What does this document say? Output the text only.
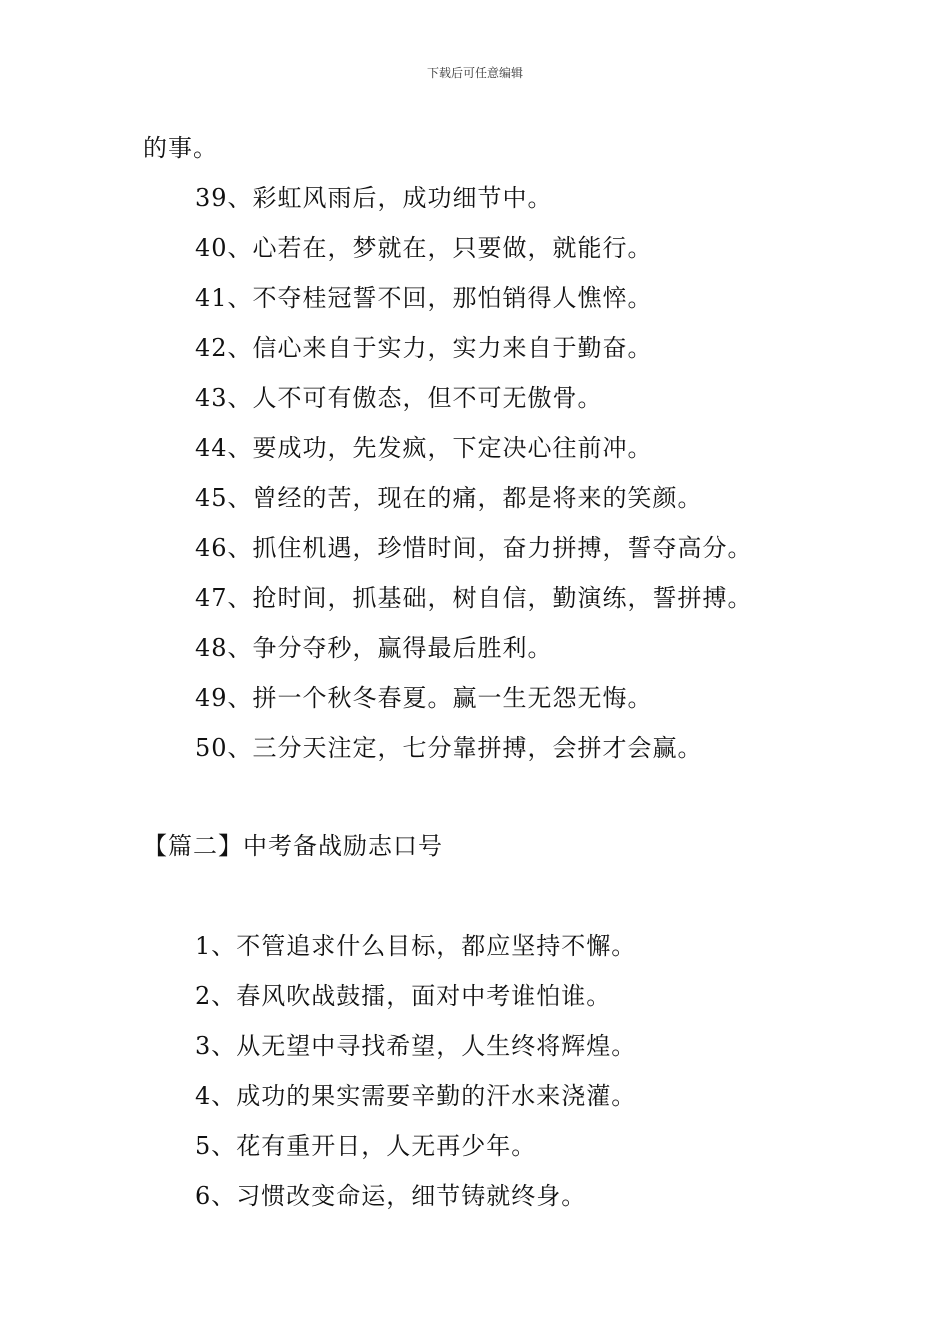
下载后可任意编辑
的事。
39、彩虹风雨后，成功细节中。
40、心若在，梦就在，只要做，就能行。
41、不夺桂冠誓不回，那怕销得人憔悴。
42、信心来自于实力，实力来自于勤奋。
43、人不可有傲态，但不可无傲骨。
44、要成功，先发疯，下定决心往前冲。
45、曾经的苦，现在的痛，都是将来的笑颜。
46、抓住机遇，珍惜时间，奋力拼搏，誓夺高分。
47、抢时间，抓基础，树自信，勤演练，誓拼搏。
48、争分夺秒，赢得最后胜利。
49、拼一个秋冬春夏。赢一生无怨无悔。
50、三分天注定，七分靠拼搏，会拼才会赢。
【篇二】中考备战励志口号
1、不管追求什么目标，都应坚持不懈。
2、春风吹战鼓擂，面对中考谁怕谁。
3、从无望中寻找希望，人生终将辉煌。
4、成功的果实需要辛勤的汗水来浇灌。
5、花有重开日，人无再少年。
6、习惯改变命运，细节铸就终身。
